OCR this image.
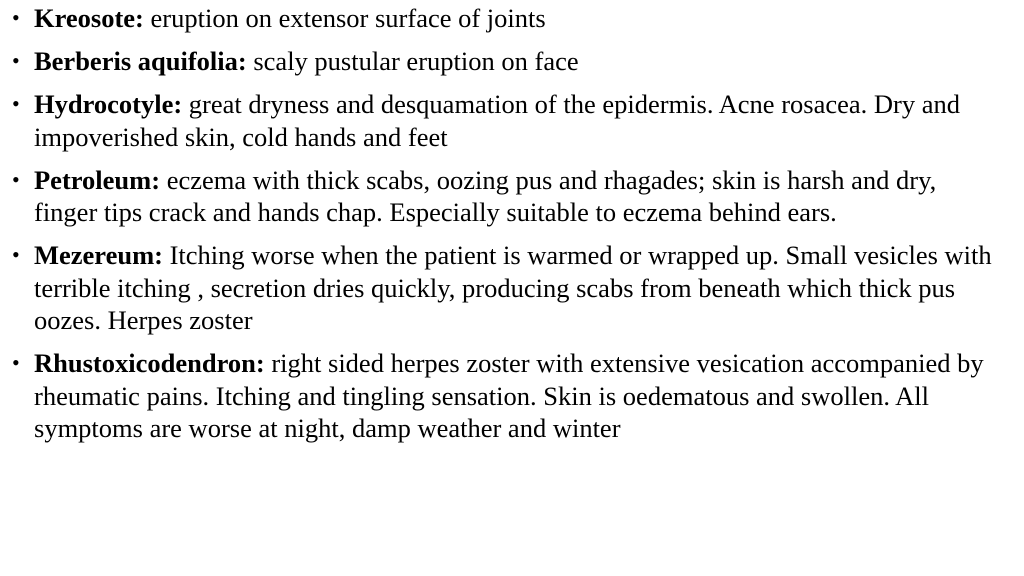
• Kreosote: eruption on extensor surface of joints
• Berberis aquifolia: scaly pustular eruption on face
• Hydrocotyle: great dryness and desquamation of the epidermis. Acne rosacea. Dry and impoverished skin, cold hands and feet
• Petroleum: eczema with thick scabs, oozing pus and rhagades; skin is harsh and dry, finger tips crack and hands chap. Especially suitable to eczema behind ears.
• Mezereum: Itching worse when the patient is warmed or wrapped up. Small vesicles with terrible itching , secretion dries quickly, producing scabs from beneath which thick pus oozes. Herpes zoster
• Rhustoxicodendron: right sided herpes zoster with extensive vesication accompanied by rheumatic pains. Itching and tingling sensation. Skin is oedematous and swollen. All symptoms are worse at night, damp weather and winter
